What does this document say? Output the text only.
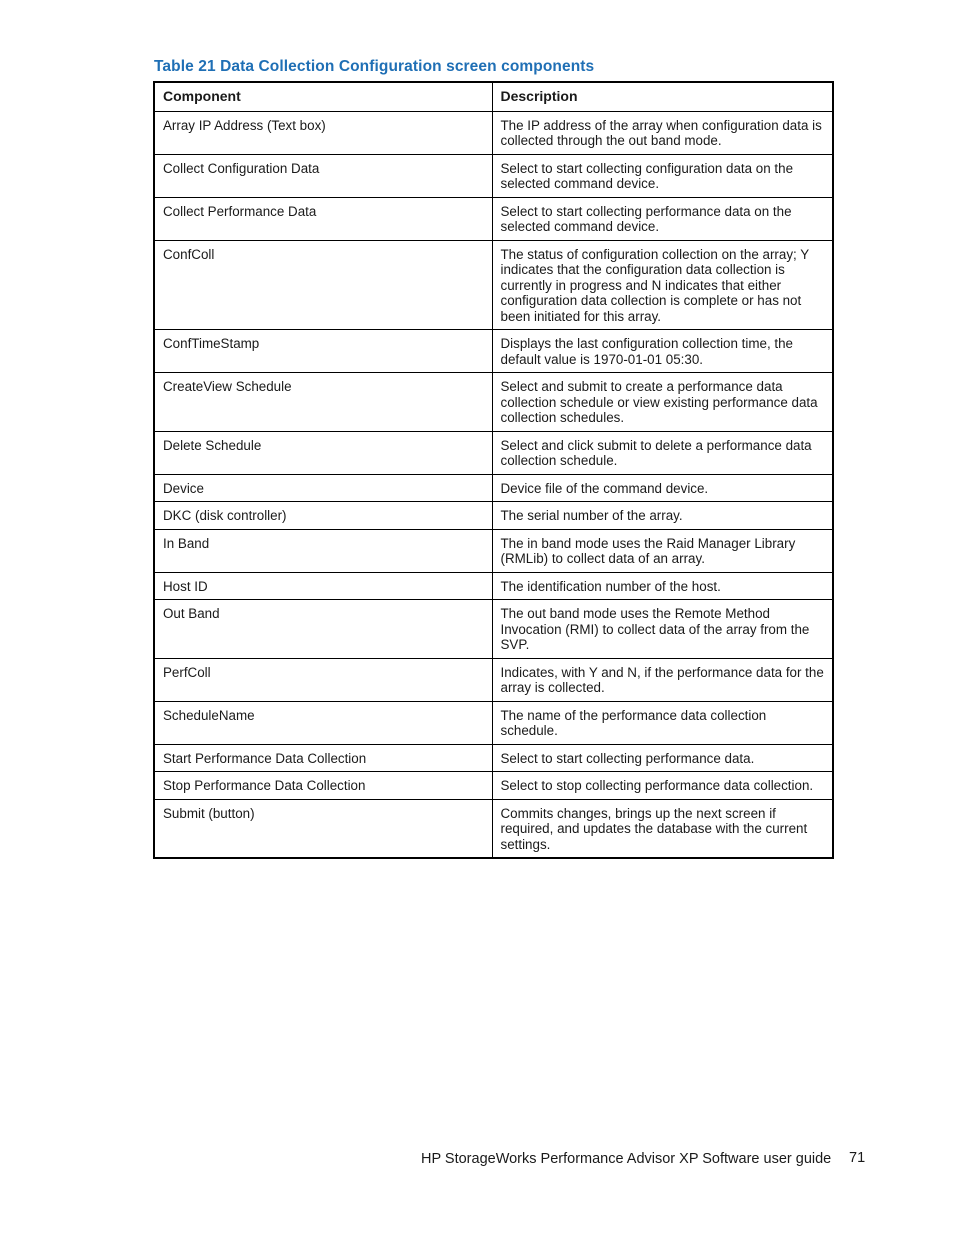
Table 21 Data Collection Configuration screen components
Component	Description
Array IP Address (Text box)	The IP address of the array when configuration data is collected through the out band mode.
Collect Configuration Data	Select to start collecting configuration data on the selected command device.
Collect Performance Data	Select to start collecting performance data on the selected command device.
ConfColl	The status of configuration collection on the array; Y indicates that the configuration data collection is currently in progress and N indicates that either configuration data collection is complete or has not been initiated for this array.
ConfTimeStamp	Displays the last configuration collection time, the default value is 1970-01-01 05:30.
CreateView Schedule	Select and submit to create a performance data collection schedule or view existing performance data collection schedules.
Delete Schedule	Select and click submit to delete a performance data collection schedule.
Device	Device file of the command device.
DKC (disk controller)	The serial number of the array.
In Band	The in band mode uses the Raid Manager Library (RMLib) to collect data of an array.
Host ID	The identification number of the host.
Out Band	The out band mode uses the Remote Method Invocation (RMI) to collect data of the array from the SVP.
PerfColl	Indicates, with Y and N, if the performance data for the array is collected.
ScheduleName	The name of the performance data collection schedule.
Start Performance Data Collection	Select to start collecting performance data.
Stop Performance Data Collection	Select to stop collecting performance data collection.
Submit (button)	Commits changes, brings up the next screen if required, and updates the database with the current settings.
HP StorageWorks Performance Advisor XP Software user guide 71
